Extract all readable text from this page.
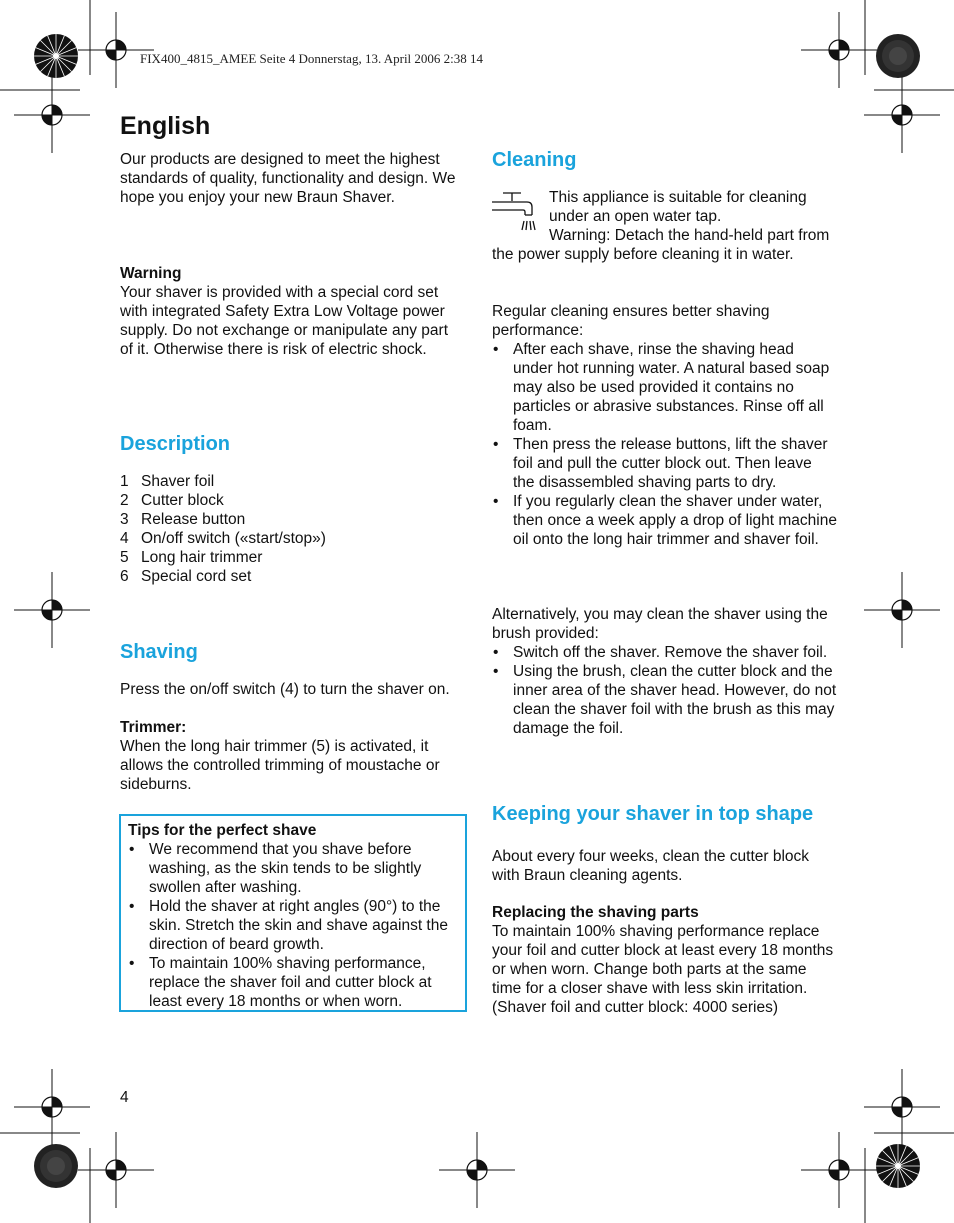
FIX400_4815_AMEE Seite 4 Donnerstag, 13. April 2006 2:38 14
English
Our products are designed to meet the highest standards of quality, functionality and design. We hope you enjoy your new Braun Shaver.
Warning
Your shaver is provided with a special cord set with integrated Safety Extra Low Voltage power supply. Do not exchange or manipulate any part of it. Otherwise there is risk of electric shock.
Description
1 Shaver foil
2 Cutter block
3 Release button
4 On/off switch («start/stop»)
5 Long hair trimmer
6 Special cord set
Shaving
Press the on/off switch (4) to turn the shaver on.
Trimmer:
When the long hair trimmer (5) is activated, it allows the controlled trimming of moustache or sideburns.
Tips for the perfect shave
• We recommend that you shave before washing, as the skin tends to be slightly swollen after washing.
• Hold the shaver at right angles (90°) to the skin. Stretch the skin and shave against the direction of beard growth.
• To maintain 100% shaving performance, replace the shaver foil and cutter block at least every 18 months or when worn.
4
Cleaning
This appliance is suitable for cleaning under an open water tap.
Warning: Detach the hand-held part from the power supply before cleaning it in water.
Regular cleaning ensures better shaving performance:
• After each shave, rinse the shaving head under hot running water. A natural based soap may also be used provided it contains no particles or abrasive substances. Rinse off all foam.
• Then press the release buttons, lift the shaver foil and pull the cutter block out. Then leave the disassembled shaving parts to dry.
• If you regularly clean the shaver under water, then once a week apply a drop of light machine oil onto the long hair trimmer and shaver foil.
Alternatively, you may clean the shaver using the brush provided:
• Switch off the shaver. Remove the shaver foil.
• Using the brush, clean the cutter block and the inner area of the shaver head. However, do not clean the shaver foil with the brush as this may damage the foil.
Keeping your shaver in top shape
About every four weeks, clean the cutter block with Braun cleaning agents.
Replacing the shaving parts
To maintain 100% shaving performance replace your foil and cutter block at least every 18 months or when worn. Change both parts at the same time for a closer shave with less skin irritation.
(Shaver foil and cutter block: 4000 series)
